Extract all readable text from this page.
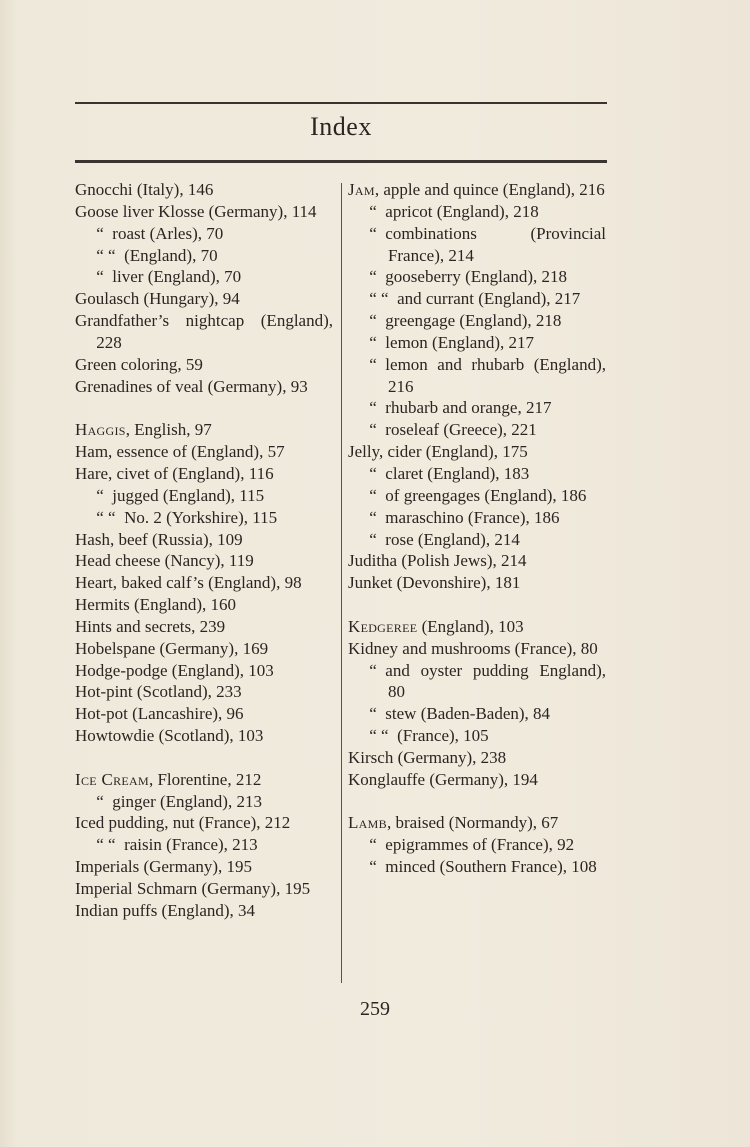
Index
Gnocchi (Italy), 146
Goose liver Klosse (Germany), 114
“  roast (Arles), 70
“ “  (England), 70
“  liver (England), 70
Goulasch (Hungary), 94
Grandfather’s nightcap (England), 228
Green coloring, 59
Grenadines of veal (Germany), 93
Haggis, English, 97
Ham, essence of (England), 57
Hare, civet of (England), 116
“  jugged (England), 115
“ “  No. 2 (Yorkshire), 115
Hash, beef (Russia), 109
Head cheese (Nancy), 119
Heart, baked calf’s (England), 98
Hermits (England), 160
Hints and secrets, 239
Hobelspane (Germany), 169
Hodge-podge (England), 103
Hot-pint (Scotland), 233
Hot-pot (Lancashire), 96
Howtowdie (Scotland), 103
Ice Cream, Florentine, 212
“  ginger (England), 213
Iced pudding, nut (France), 212
“ “  raisin (France), 213
Imperials (Germany), 195
Imperial Schmarn (Germany), 195
Indian puffs (England), 34
Jam, apple and quince (England), 216
“  apricot (England), 218
“  combinations (Provincial France), 214
“  gooseberry (England), 218
“ “  and currant (England), 217
“  greengage (England), 218
“  lemon (England), 217
“  lemon and rhubarb (England), 216
“  rhubarb and orange, 217
“  roseleaf (Greece), 221
Jelly, cider (England), 175
“  claret (England), 183
“  of greengages (England), 186
“  maraschino (France), 186
“  rose (England), 214
Juditha (Polish Jews), 214
Junket (Devonshire), 181
Kedgeree (England), 103
Kidney and mushrooms (France), 80
“  and oyster pudding England), 80
“  stew (Baden-Baden), 84
“ “  (France), 105
Kirsch (Germany), 238
Konglauffe (Germany), 194
Lamb, braised (Normandy), 67
“  epigrammes of (France), 92
“  minced (Southern France), 108
259
